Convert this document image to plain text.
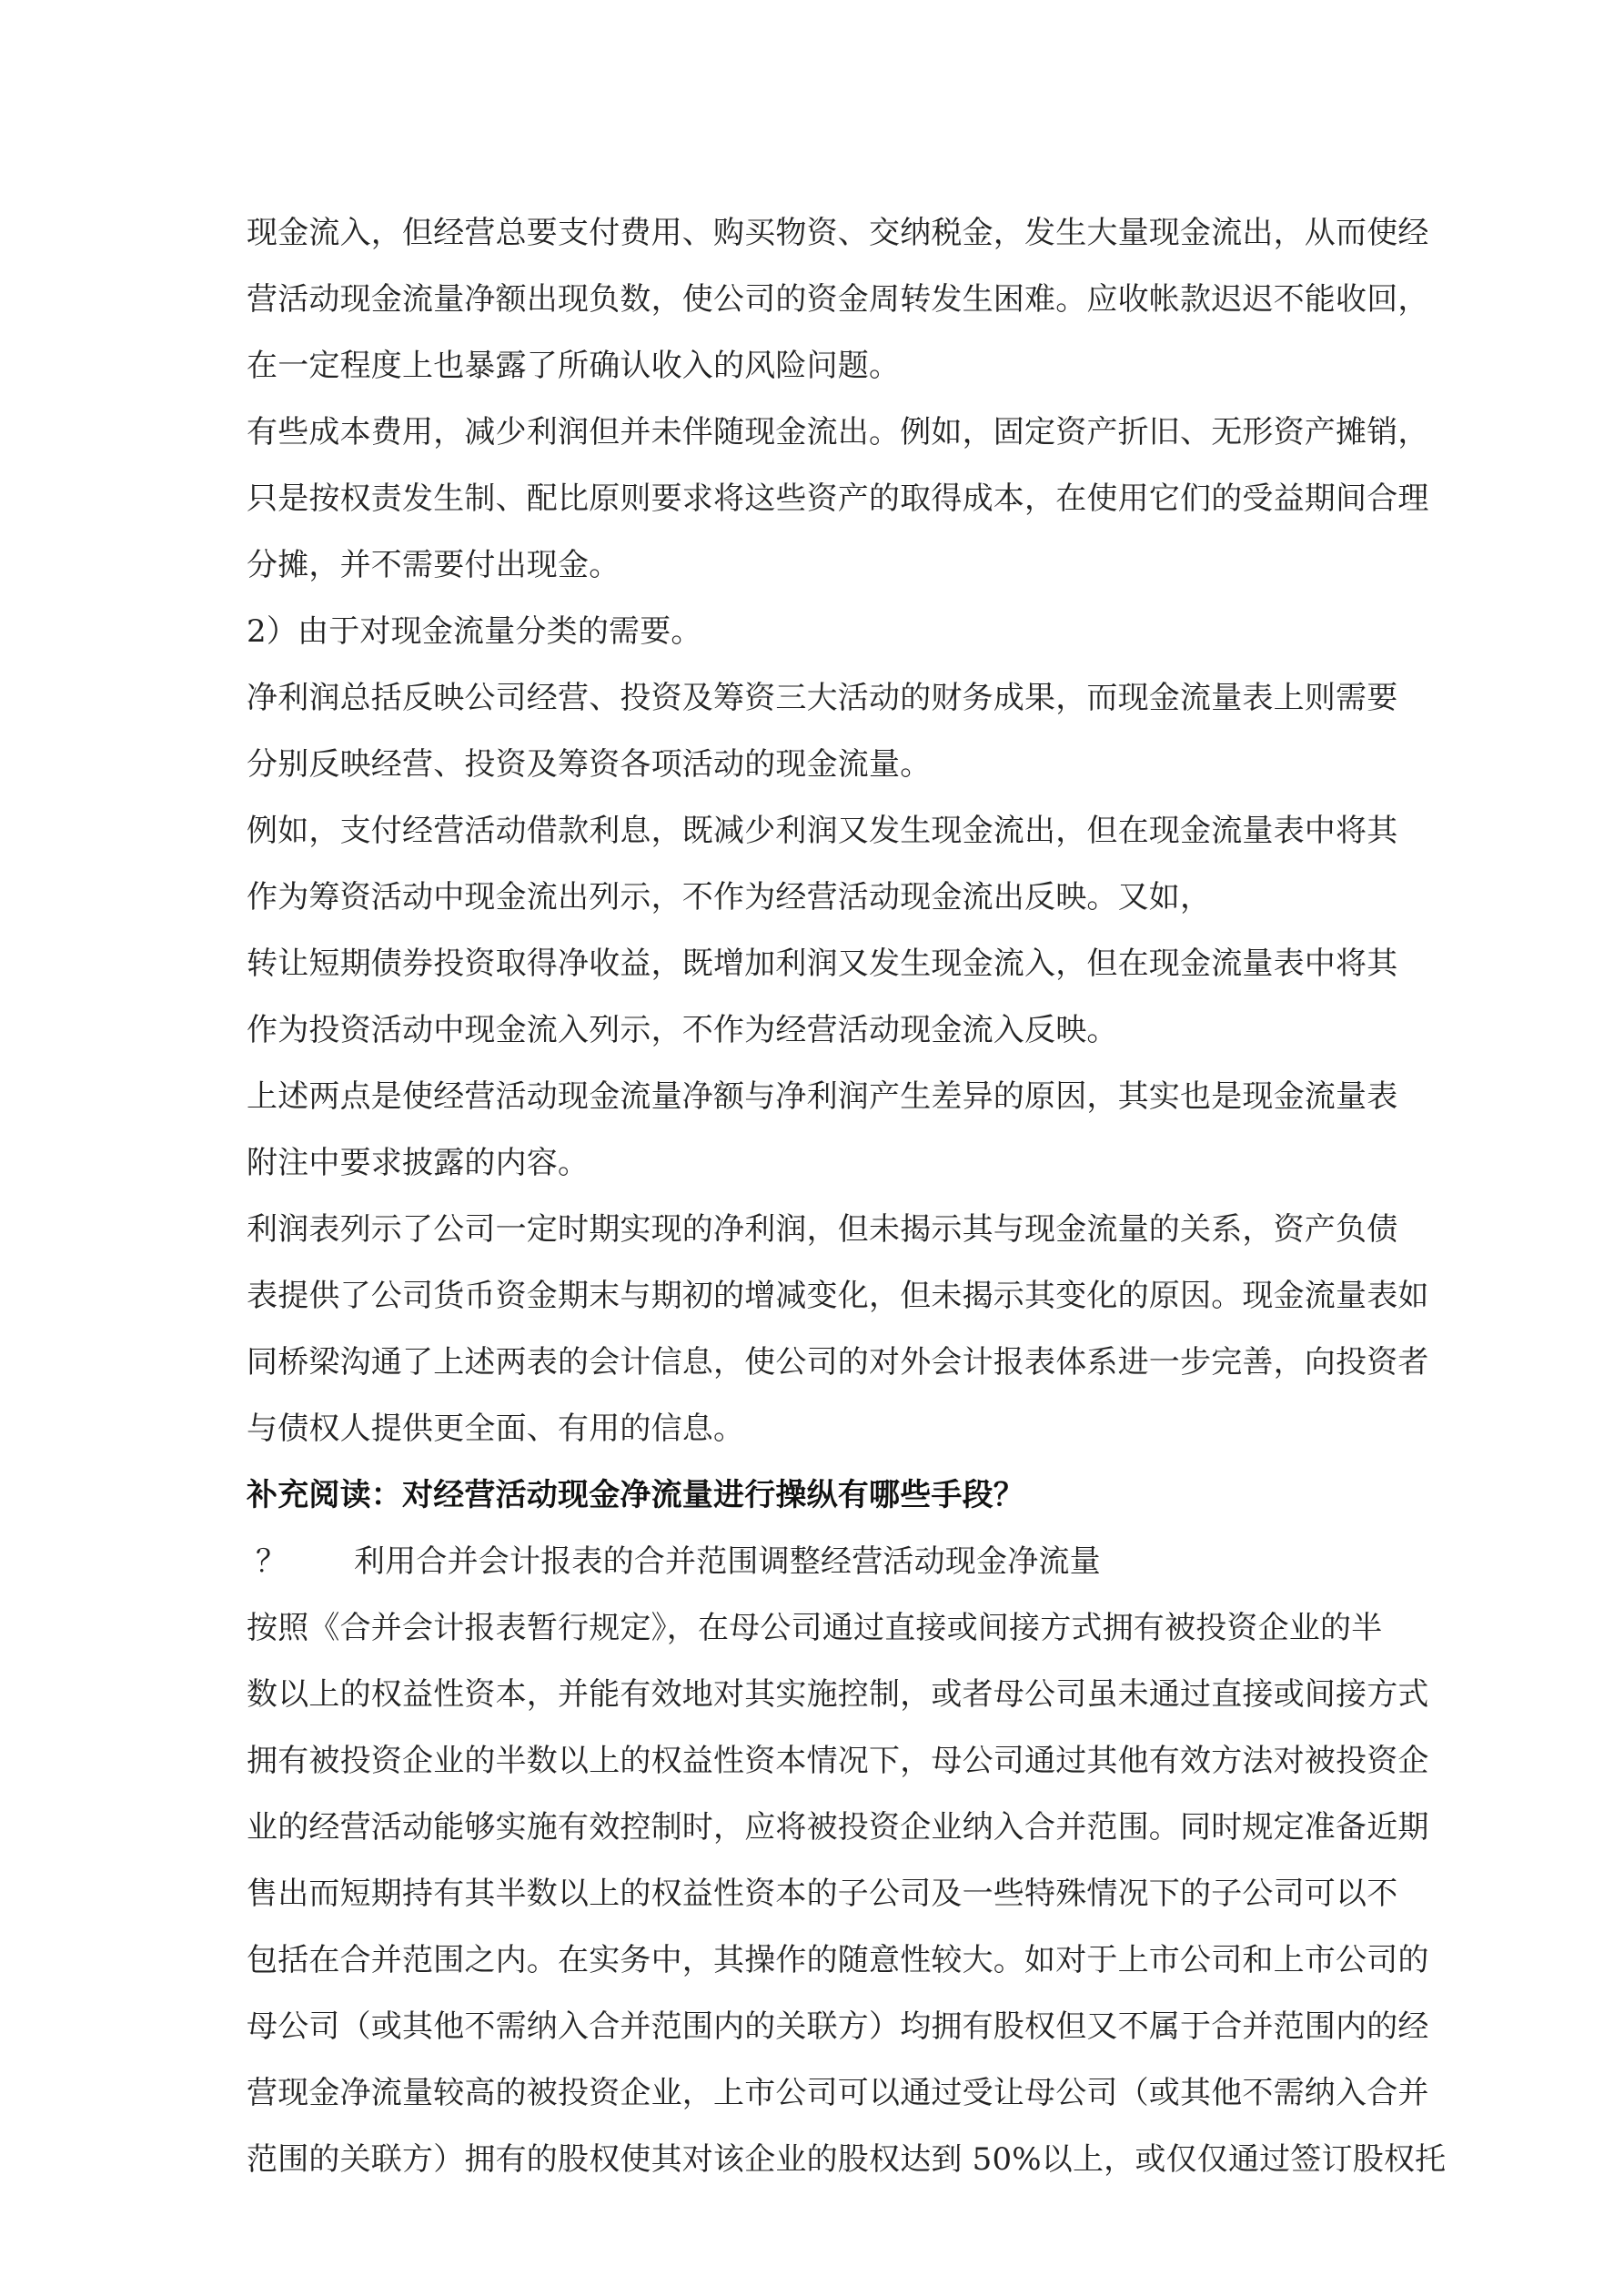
现金流入，但经营总要支付费用、购买物资、交纳税金，发生大量现金流出，从而使经
营活动现金流量净额出现负数，使公司的资金周转发生困难。应收帐款迟迟不能收回，
在一定程度上也暴露了所确认收入的风险问题。
有些成本费用，减少利润但并未伴随现金流出。例如，固定资产折旧、无形资产摊销，
只是按权责发生制、配比原则要求将这些资产的取得成本，在使用它们的受益期间合理
分摊，并不需要付出现金。
2）由于对现金流量分类的需要。
净利润总括反映公司经营、投资及筹资三大活动的财务成果，而现金流量表上则需要
分别反映经营、投资及筹资各项活动的现金流量。
例如，支付经营活动借款利息，既减少利润又发生现金流出，但在现金流量表中将其
作为筹资活动中现金流出列示，不作为经营活动现金流出反映。又如，
转让短期债券投资取得净收益，既增加利润又发生现金流入，但在现金流量表中将其
作为投资活动中现金流入列示，不作为经营活动现金流入反映。
上述两点是使经营活动现金流量净额与净利润产生差异的原因，其实也是现金流量表
附注中要求披露的内容。
利润表列示了公司一定时期实现的净利润，但未揭示其与现金流量的关系，资产负债
表提供了公司货币资金期末与期初的增减变化，但未揭示其变化的原因。现金流量表如
同桥梁沟通了上述两表的会计信息，使公司的对外会计报表体系进一步完善，向投资者
与债权人提供更全面、有用的信息。
补充阅读：对经营活动现金净流量进行操纵有哪些手段？
？	利用合并会计报表的合并范围调整经营活动现金净流量
按照《合并会计报表暂行规定》，在母公司通过直接或间接方式拥有被投资企业的半
数以上的权益性资本，并能有效地对其实施控制，或者母公司虽未通过直接或间接方式
拥有被投资企业的半数以上的权益性资本情况下，母公司通过其他有效方法对被投资企
业的经营活动能够实施有效控制时，应将被投资企业纳入合并范围。同时规定准备近期
售出而短期持有其半数以上的权益性资本的子公司及一些特殊情况下的子公司可以不
包括在合并范围之内。在实务中，其操作的随意性较大。如对于上市公司和上市公司的
母公司（或其他不需纳入合并范围内的关联方）均拥有股权但又不属于合并范围内的经
营现金净流量较高的被投资企业，上市公司可以通过受让母公司（或其他不需纳入合并
范围的关联方）拥有的股权使其对该企业的股权达到 50%以上，或仅仅通过签订股权托
